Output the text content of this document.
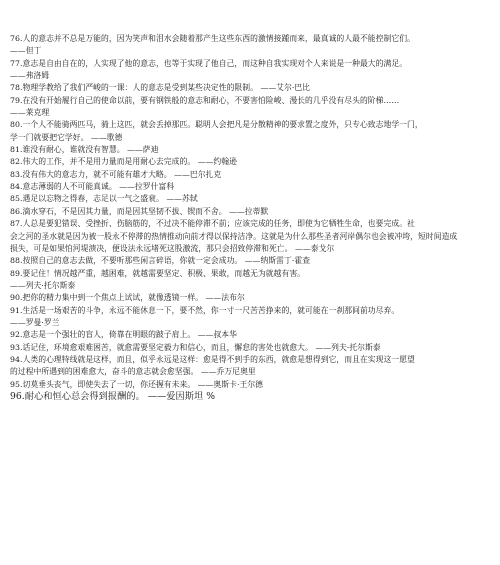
76.人的意志并不总是万能的，因为笑声和泪水会随着那产生这些东西的激情接踵而来，最真诚的人最不能控制它们。
——但丁
77.意志是自由自在的，人实现了他的意志，也等于实现了他自己，而这种自我实现对个人来说是一种最大的满足。
——弗洛姆
78.物理学教给了我们严峻的一课：人的意志是受到某些决定性的限制。 ——艾尔·巴比
79.在没有开始履行自己的使命以前，要有钢铁般的意志和耐心，不要害怕险峻、漫长的几乎没有尽头的阶梯……
——莱克理
80.一个人不能骑两匹马，骑上这匹，就会丢掉那匹。聪明人会把凡是分散精神的要求置之度外，只专心致志地学一门，
学一门就要把它学好。 ——歌德
81.谁没有耐心，谁就没有智慧。 ——萨迪
82.伟大的工作，并不是用力量而是用耐心去完成的。 ——约翰逊
83.没有伟大的意志力，就不可能有雄才大略。 ——巴尔扎克
84.意志薄弱的人不可能真诚。 ——拉罗什富科
85.遇足以忘物之得春，志足以一气之盛衰。 ——苏轼
86.滴水穿石，不是因其力量，而是因其坚韧不拔、锲而不舍。 ——拉蒂默
87.人总是要犯错误、受挫折、伤脑筋的，不过决不能停滞不前；应该完成的任务，即使为它牺牲生命，也要完成。社
会之河的圣水就是因为被一股永不停滞的热情推动向前才得以保持洁净。这就是为什么那些圣者河岸偶尔也会被冲垮，短时间造成
损失，可是如果怕河堤溃决，便设法永远堵死这股激流，那只会招致停滞和死亡。 ——泰戈尔
88.按照自己的意志去做，不要听那些闲言碎语，你就一定会成功。 ——纳斯雷丁·霍查
89.要记住！情况越严重，越困难，就越需要坚定、积极、果敢，而越无为就越有害。
——列夫·托尔斯泰
90.把你的精力集中到一个焦点上试试，就像透镜一样。 ——法布尔
91.生活是一场艰苦的斗争，永远不能休息一下，要不然，你一寸一尺苦苦挣来的，就可能在一刹那间前功尽弃。
——罗曼·罗兰
92.意志是一个强壮的盲人，倚靠在明眼的跛子肩上。 ——叔本华
93.话记住，环境愈艰难困苦，就愈需要坚定毅力和信心，而且，懈怠的害处也就愈大。 ——列夫·托尔斯泰
94.人类的心理特线就是这样，而且，似乎永远是这样：愈是得不到手的东西，就愈是想得到它，而且在实现这一愿望
的过程中所遇到的困难愈大，奋斗的意志就会愈坚强。 ——乔万尼奥里
95.切莫垂头丧气，即使失去了一切，你还握有未来。 ——奥斯卡·王尔德
96.耐心和恒心总会得到报酬的。 ——爱因斯坦 %
